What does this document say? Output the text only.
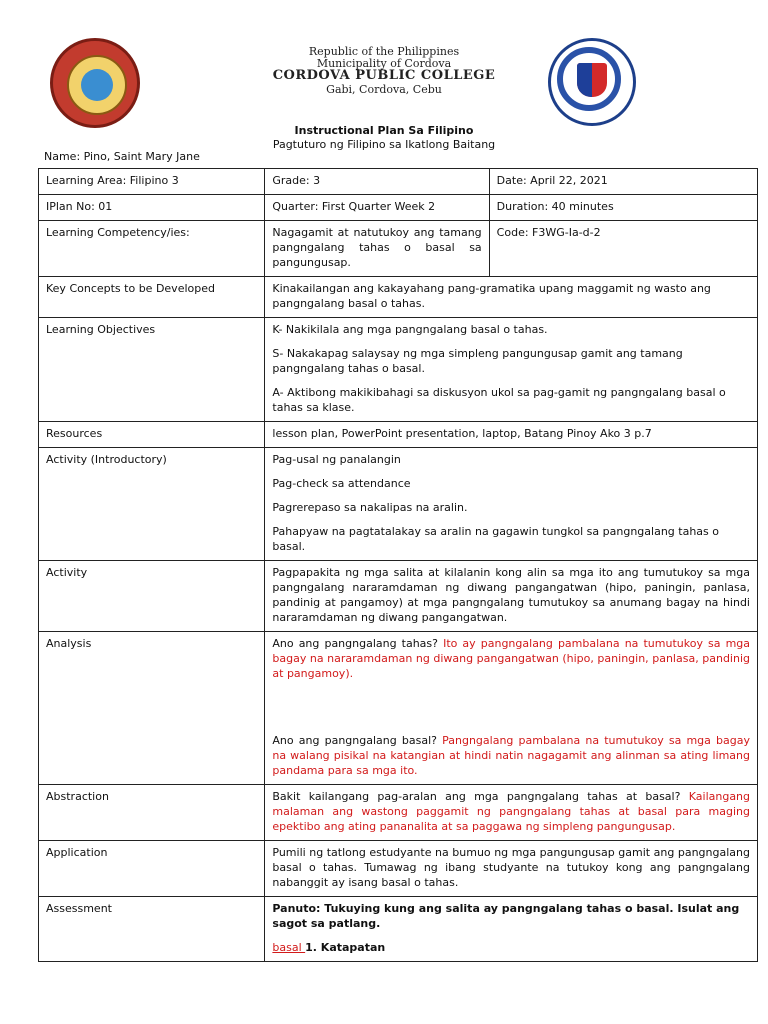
Republic of the Philippines
Municipality of Cordova
CORDOVA PUBLIC COLLEGE
Gabi, Cordova, Cebu
Instructional Plan Sa Filipino
Pagtuturo ng Filipino sa Ikatlong Baitang
Name: Pino, Saint Mary Jane
Learning Area: Filipino 3	Grade: 3	Date: April 22, 2021
IPlan No: 01	Quarter: First Quarter Week 2	Duration: 40 minutes
Learning Competency/ies:	Nagagamit at natutukoy ang tamang pangngalang tahas o basal sa pangungusap.	Code: F3WG-Ia-d-2
Key Concepts to be Developed	Kinakailangan ang kakayahang pang-gramatika upang maggamit ng wasto ang pangngalang basal o tahas.	
Learning Objectives	K- Nakikilala ang mga pangngalang basal o tahas.

S- Nakakapag salaysay ng mga simpleng pangungusap gamit ang tamang pangngalang tahas o basal.

A- Aktibong makikibahagi sa diskusyon ukol sa pag-gamit ng pangngalang basal o tahas sa klase.	

Resources	lesson plan, PowerPoint presentation, laptop, Batang Pinoy Ako 3 p.7	
Activity (Introductory)	Pag-usal ng panalangin

Pag-check sa attendance

Pagrerepaso sa nakalipas na aralin.

Pahapyaw na pagtatalakay sa aralin na gagawin tungkol sa pangngalang tahas o basal.	

Activity	Pagpapakita ng mga salita at kilalanin kong alin sa mga ito ang tumutukoy sa mga pangngalang nararamdaman ng diwang pangangatwan (hipo, paningin, panlasa, pandinig at pangamoy) at mga pangngalang tumutukoy sa anumang bagay na hindi nararamdaman ng diwang pangangatwan.	
Analysis	Ano ang pangngalang tahas? Ito ay pangngalang pambalana na tumutukoy sa mga bagay na nararamdaman ng diwang pangangatwan (hipo, paningin, panlasa, pandinig at pangamoy).

Ano ang pangngalang basal? Pangngalang pambalana na tumutukoy sa mga bagay na walang pisikal na katangian at hindi natin nagagamit ang alinman sa ating limang pandama para sa mga ito.	

Abstraction	Bakit kailangang pag-aralan ang mga pangngalang tahas at basal? Kailangang malaman ang wastong paggamit ng pangngalang tahas at basal para maging epektibo ang ating pananalita at sa paggawa ng simpleng pangungusap.	
Application	Pumili ng tatlong estudyante na bumuo ng mga pangungusap gamit ang pangngalang basal o tahas. Tumawag ng ibang studyante na tutukoy kong ang pangngalang nabanggit ay isang basal o tahas.	
Assessment	Panuto: Tukuying kung ang salita ay pangngalang tahas o basal. Isulat ang sagot sa patlang.

basal 1. Katapatan	
